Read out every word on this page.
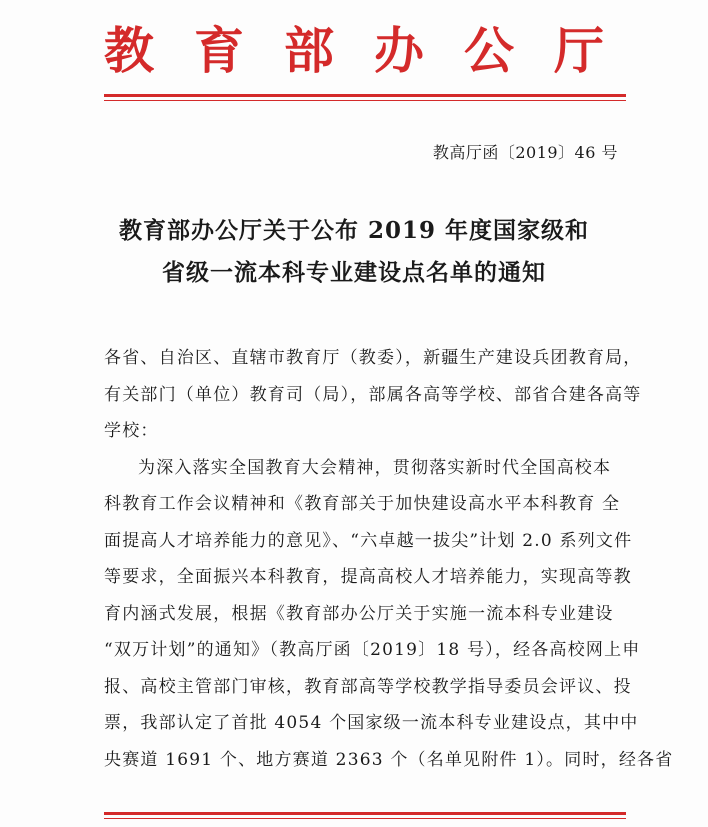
教 育 部 办 公 厅
教高厅函〔2019〕46 号
教育部办公厅关于公布 2019 年度国家级和
省级一流本科专业建设点名单的通知

各省、自治区、直辖市教育厅（教委），新疆生产建设兵团教育局，
有关部门（单位）教育司（局），部属各高等学校、部省合建各高等
学校：

为深入落实全国教育大会精神，贯彻落实新时代全国高校本
科教育工作会议精神和《教育部关于加快建设高水平本科教育 全
面提高人才培养能力的意见》、“六卓越一拔尖”计划 2.0 系列文件
等要求，全面振兴本科教育，提高高校人才培养能力，实现高等教
育内涵式发展，根据《教育部办公厅关于实施一流本科专业建设
“双万计划”的通知》（教高厅函〔2019〕18 号），经各高校网上申
报、高校主管部门审核，教育部高等学校教学指导委员会评议、投
票，我部认定了首批 4054 个国家级一流本科专业建设点，其中中
央赛道 1691 个、地方赛道 2363 个（名单见附件 1）。同时，经各省
